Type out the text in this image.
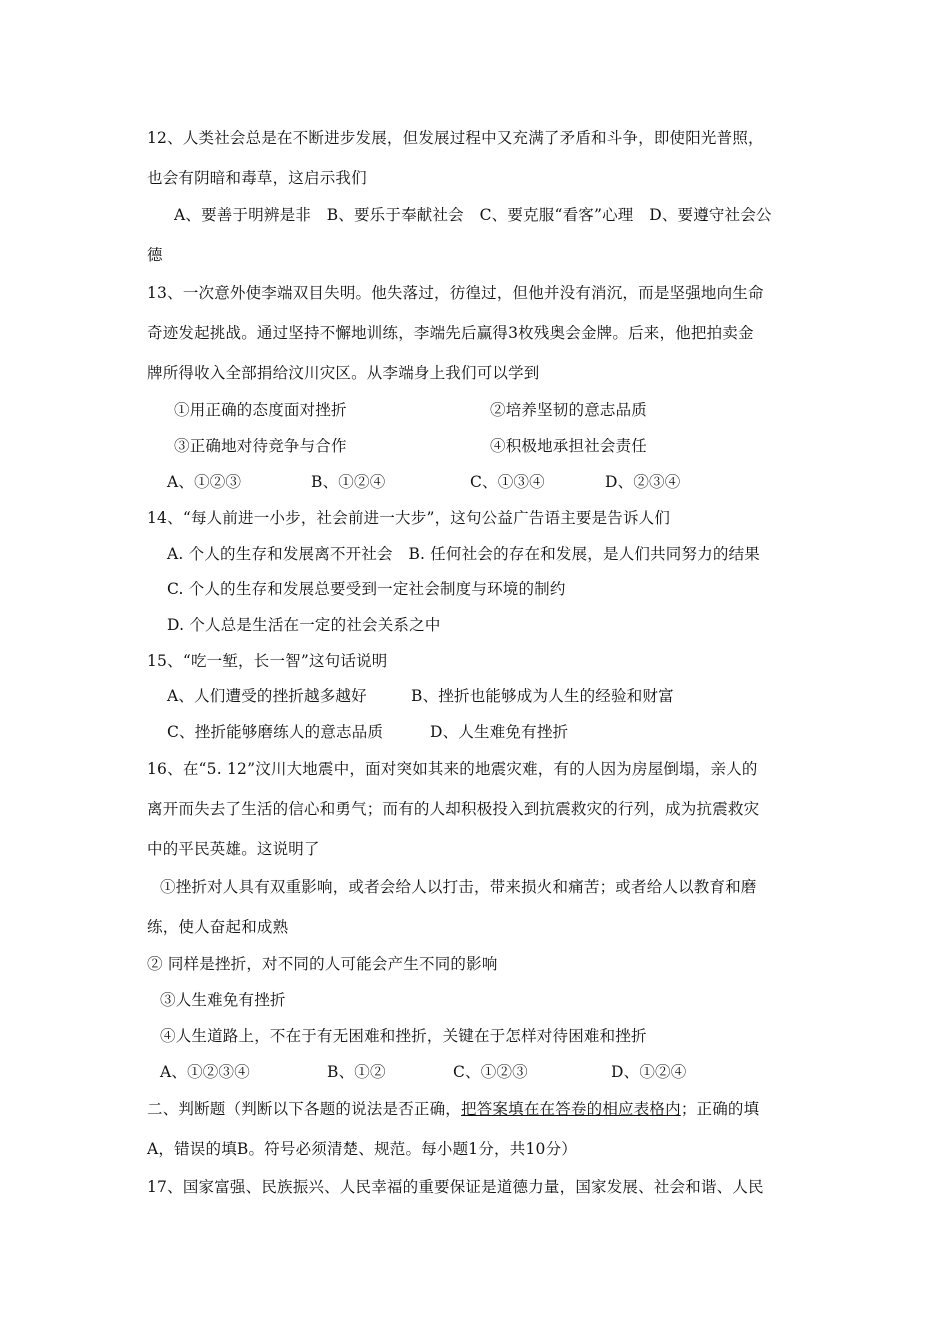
12、人类社会总是在不断进步发展，但发展过程中又充满了矛盾和斗争，即使阳光普照，
也会有阴暗和毒草，这启示我们
A、要善于明辨是非　B、要乐于奉献社会　C、要克服“看客”心理　D、要遵守社会公
德
13、一次意外使李端双目失明。他失落过，彷徨过，但他并没有消沉，而是坚强地向生命
奇迹发起挑战。通过坚持不懈地训练，李端先后赢得3枚残奥会金牌。后来，他把拍卖金
牌所得收入全部捐给汶川灾区。从李端身上我们可以学到
①用正确的态度面对挫折	②培养坚韧的意志品质
③正确地对待竞争与合作	④积极地承担社会责任
A、①②③	B、①②④	C、①③④	D、②③④
14、“每人前进一小步，社会前进一大步”，这句公益广告语主要是告诉人们
A. 个人的生存和发展离不开社会　B. 任何社会的存在和发展，是人们共同努力的结果
C. 个人的生存和发展总要受到一定社会制度与环境的制约
D. 个人总是生活在一定的社会关系之中
15、“吃一堑，长一智”这句话说明
A、人们遭受的挫折越多越好	B、挫折也能够成为人生的经验和财富
C、挫折能够磨练人的意志品质	D、人生难免有挫折
16、在“5. 12”汶川大地震中，面对突如其来的地震灾难，有的人因为房屋倒塌，亲人的
离开而失去了生活的信心和勇气；而有的人却积极投入到抗震救灾的行列，成为抗震救灾
中的平民英雄。这说明了
①挫折对人具有双重影响，或者会给人以打击，带来损火和痛苦；或者给人以教育和磨
练，使人奋起和成熟
② 同样是挫折，对不同的人可能会产生不同的影响
③人生难免有挫折
④人生道路上，不在于有无困难和挫折，关键在于怎样对待困难和挫折
A、①②③④	B、①②	C、①②③	D、①②④
二、判断题（判断以下各题的说法是否正确，把答案填在在答卷的相应表格内；正确的填
A，错误的填B。符号必须清楚、规范。每小题1分，共10分）
17、国家富强、民族振兴、人民幸福的重要保证是道德力量，国家发展、社会和谐、人民
